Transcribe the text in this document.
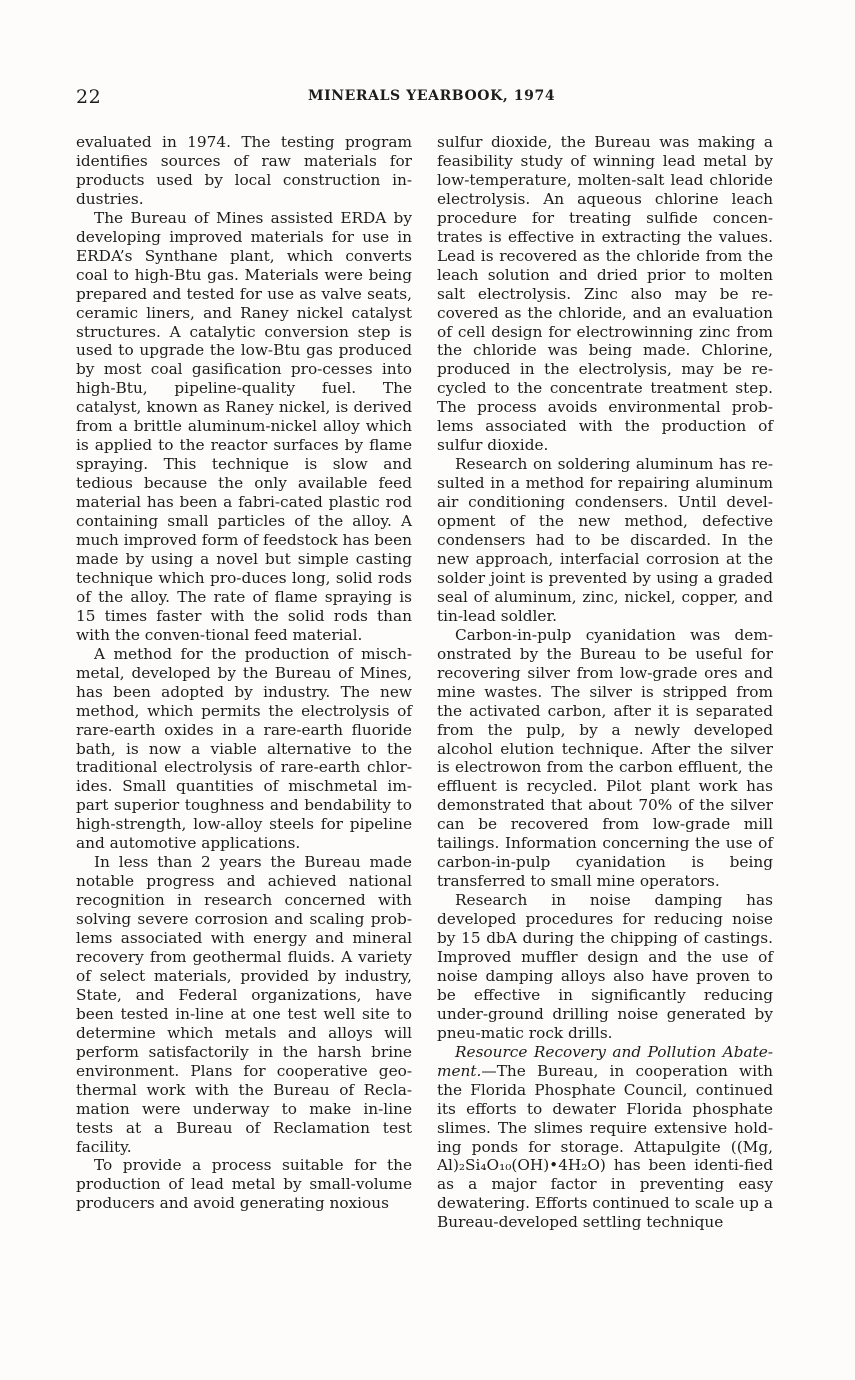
22	MINERALS YEARBOOK, 1974

evaluated in 1974. The testing program identifies sources of raw materials for products used by local construction in-dustries.

The Bureau of Mines assisted ERDA by developing improved materials for use in ERDA’s Synthane plant, which converts coal to high-Btu gas. Materials were being prepared and tested for use as valve seats, ceramic liners, and Raney nickel catalyst structures. A catalytic conversion step is used to upgrade the low-Btu gas produced by most coal gasification pro-cesses into high-Btu, pipeline-quality fuel. The catalyst, known as Raney nickel, is derived from a brittle aluminum-nickel alloy which is applied to the reactor surfaces by flame spraying. This technique is slow and tedious because the only available feed material has been a fabri-cated plastic rod containing small particles of the alloy. A much improved form of feedstock has been made by using a novel but simple casting technique which pro-duces long, solid rods of the alloy. The rate of flame spraying is 15 times faster with the solid rods than with the conven-tional feed material.

A method for the production of misch-metal, developed by the Bureau of Mines, has been adopted by industry. The new method, which permits the electrolysis of rare-earth oxides in a rare-earth fluoride bath, is now a viable alternative to the traditional electrolysis of rare-earth chlor-ides. Small quantities of mischmetal im-part superior toughness and bendability to high-strength, low-alloy steels for pipeline and automotive applications.

In less than 2 years the Bureau made notable progress and achieved national recognition in research concerned with solving severe corrosion and scaling prob-lems associated with energy and mineral recovery from geothermal fluids. A variety of select materials, provided by industry, State, and Federal organizations, have been tested in-line at one test well site to determine which metals and alloys will perform satisfactorily in the harsh brine environment. Plans for cooperative geo-thermal work with the Bureau of Recla-mation were underway to make in-line tests at a Bureau of Reclamation test facility.

To provide a process suitable for the production of lead metal by small-volume producers and avoid generating noxious

sulfur dioxide, the Bureau was making a feasibility study of winning lead metal by low-temperature, molten-salt lead chloride electrolysis. An aqueous chlorine leach procedure for treating sulfide concen-trates is effective in extracting the values. Lead is recovered as the chloride from the leach solution and dried prior to molten salt electrolysis. Zinc also may be re-covered as the chloride, and an evaluation of cell design for electrowinning zinc from the chloride was being made. Chlorine, produced in the electrolysis, may be re-cycled to the concentrate treatment step. The process avoids environmental prob-lems associated with the production of sulfur dioxide.

Research on soldering aluminum has re-sulted in a method for repairing aluminum air conditioning condensers. Until devel-opment of the new method, defective condensers had to be discarded. In the new approach, interfacial corrosion at the solder joint is prevented by using a graded seal of aluminum, zinc, nickel, copper, and tin-lead soldler.

Carbon-in-pulp cyanidation was dem-onstrated by the Bureau to be useful for recovering silver from low-grade ores and mine wastes. The silver is stripped from the activated carbon, after it is separated from the pulp, by a newly developed alcohol elution technique. After the silver is electrowon from the carbon effluent, the effluent is recycled. Pilot plant work has demonstrated that about 70% of the silver can be recovered from low-grade mill tailings. Information concerning the use of carbon-in-pulp cyanidation is being transferred to small mine operators.

Research in noise damping has developed procedures for reducing noise by 15 dbA during the chipping of castings. Improved muffler design and the use of noise damping alloys also have proven to be effective in significantly reducing under-ground drilling noise generated by pneu-matic rock drills.

Resource Recovery and Pollution Abate-ment.—The Bureau, in cooperation with the Florida Phosphate Council, continued its efforts to dewater Florida phosphate slimes. The slimes require extensive hold-ing ponds for storage. Attapulgite ((Mg, Al)₂Si₄O₁₀(OH)•4H₂O) has been identi-fied as a major factor in preventing easy dewatering. Efforts continued to scale up a Bureau-developed settling technique
